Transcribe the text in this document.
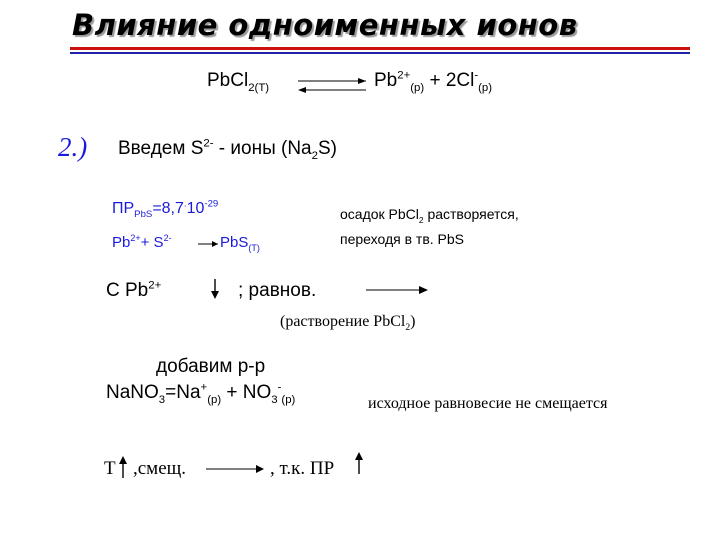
Влияние одноименных ионов
PbCl$_{2(Т)}$	$Pb^{2+}_{(р)} + 2Cl^-_{(р)}$
2.) Введем $S^{2-}$ - ионы $(Na_2S)$
$ПР_{PbS}=8,7^.10^{-29}$
$Pb^{2+}+ S^{2-} \to PbS_{(Т)}$
осадок PbCl$_2$ растворяется,
переходя в тв. PbS
С $Pb^{2+}$	; равнов.
(растворение PbCl$_2$)
добавим р-р
$NaNO_3=Na^+_{(р)} + NO_3^-_{(р)}$	исходное равновесие не смещается
Т ,смещ.	, т.к. ПР
